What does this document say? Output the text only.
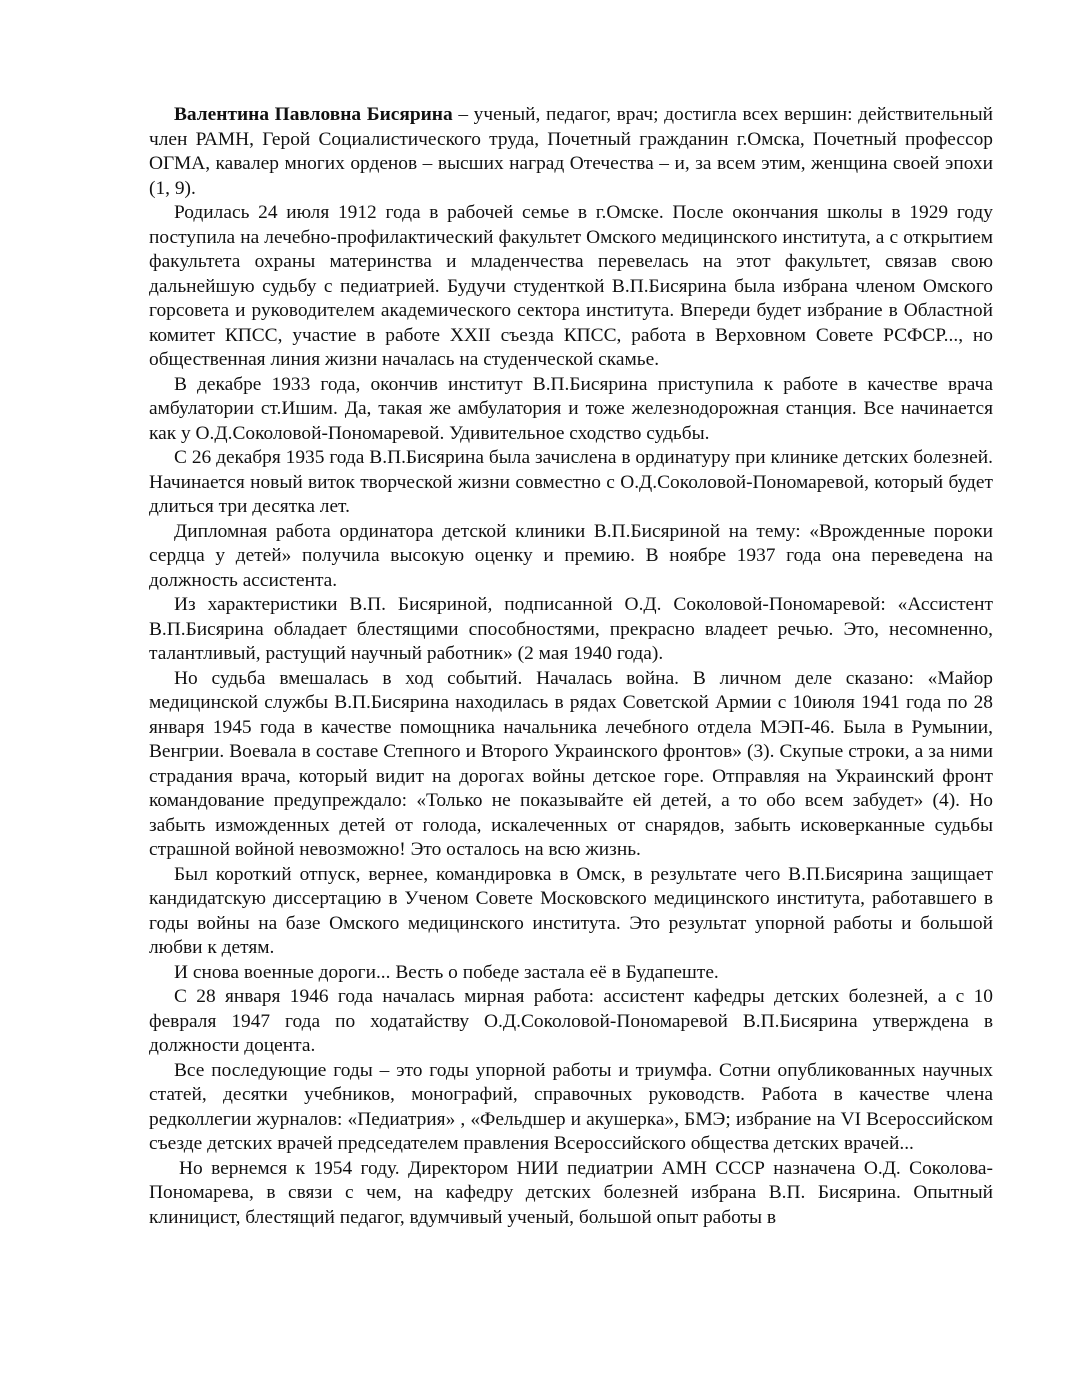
Валентина Павловна Бисярина – ученый, педагог, врач; достигла всех вершин: действительный член РАМН, Герой Социалистического труда, Почетный гражданин г.Омска, Почетный профессор ОГМА, кавалер многих орденов – высших наград Отечества – и, за всем этим, женщина своей эпохи (1, 9).

Родилась 24 июля 1912 года в рабочей семье в г.Омске. После окончания школы в 1929 году поступила на лечебно-профилактический факультет Омского медицинского института, а с открытием факультета охраны материнства и младенчества перевелась на этот факультет, связав свою дальнейшую судьбу с педиатрией. Будучи студенткой В.П.Бисярина была избрана членом Омского горсовета и руководителем академического сектора института. Впереди будет избрание в Областной комитет КПСС, участие в работе XXII съезда КПСС, работа в Верховном Совете РСФСР..., но общественная линия жизни началась на студенческой скамье.

В декабре 1933 года, окончив институт В.П.Бисярина приступила к работе в качестве врача амбулатории ст.Ишим. Да, такая же амбулатория и тоже железнодорожная станция. Все начинается как у О.Д.Соколовой-Пономаревой. Удивительное сходство судьбы.

С 26 декабря 1935 года В.П.Бисярина была зачислена в ординатуру при клинике детских болезней. Начинается новый виток творческой жизни совместно с О.Д.Соколовой-Пономаревой, который будет длиться три десятка лет.

Дипломная работа ординатора детской клиники В.П.Бисяриной на тему: «Врожденные пороки сердца у детей» получила высокую оценку и премию. В ноябре 1937 года она переведена на должность ассистента.

Из характеристики В.П. Бисяриной, подписанной О.Д. Соколовой-Пономаревой: «Ассистент В.П.Бисярина обладает блестящими способностями, прекрасно владеет речью. Это, несомненно, талантливый, растущий научный работник» (2 мая 1940 года).

Но судьба вмешалась в ход событий. Началась война. В личном деле сказано: «Майор медицинской службы В.П.Бисярина находилась в рядах Советской Армии с 10июля 1941 года по 28 января 1945 года в качестве помощника начальника лечебного отдела МЭП-46. Была в Румынии, Венгрии. Воевала в составе Степного и Второго Украинского фронтов» (3). Скупые строки, а за ними страдания врача, который видит на дорогах войны детское горе. Отправляя на Украинский фронт командование предупреждало: «Только не показывайте ей детей, а то обо всем забудет» (4). Но забыть изможденных детей от голода, искалеченных от снарядов, забыть исковерканные судьбы страшной войной невозможно! Это осталось на всю жизнь.

Был короткий отпуск, вернее, командировка в Омск, в результате чего В.П.Бисярина защищает кандидатскую диссертацию в Ученом Совете Московского медицинского института, работавшего в годы войны на базе Омского медицинского института. Это результат упорной работы и большой любви к детям.

И снова военные дороги... Весть о победе застала её в Будапеште.

С 28 января 1946 года началась мирная работа: ассистент кафедры детских болезней, а с 10 февраля 1947 года по ходатайству О.Д.Соколовой-Пономаревой В.П.Бисярина утверждена в должности доцента.

Все последующие годы – это годы упорной работы и триумфа. Сотни опубликованных научных статей, десятки учебников, монографий, справочных руководств. Работа в качестве члена редколлегии журналов: «Педиатрия» , «Фельдшер и акушерка», БМЭ; избрание на VI Всероссийском съезде детских врачей председателем правления Всероссийского общества детских врачей...

Но вернемся к 1954 году. Директором НИИ педиатрии АМН СССР назначена О.Д. Соколова-Пономарева, в связи с чем, на кафедру детских болезней избрана В.П. Бисярина. Опытный клиницист, блестящий педагог, вдумчивый ученый, большой опыт работы в
